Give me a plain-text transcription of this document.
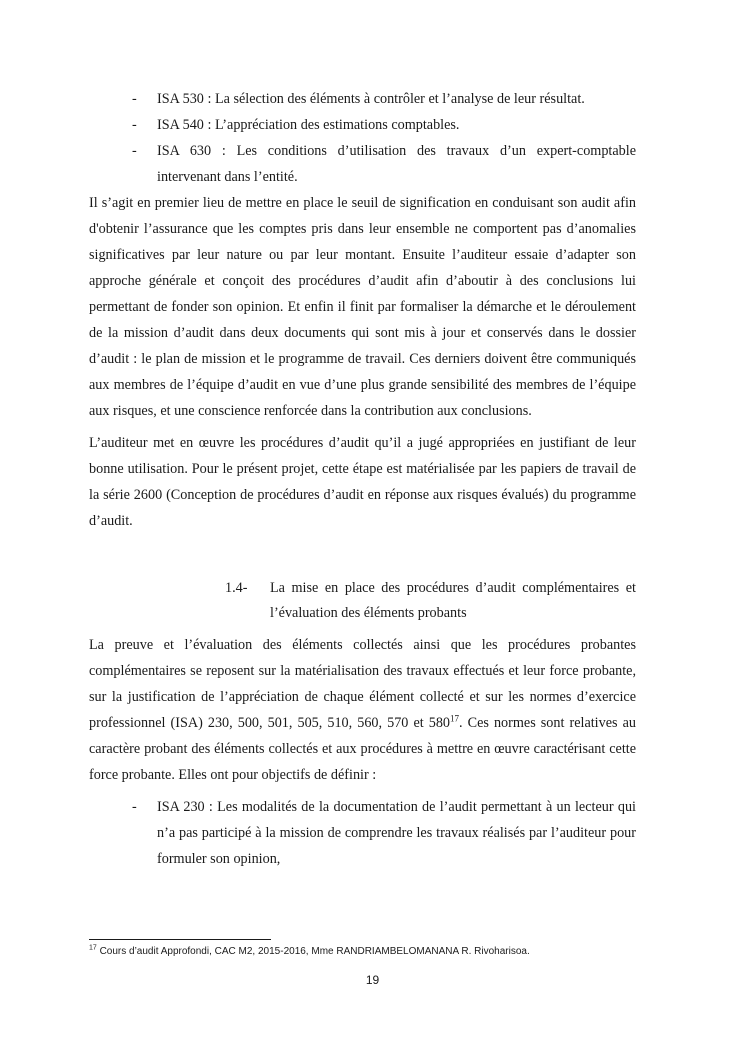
- ISA 530 : La sélection des éléments à contrôler et l’analyse de leur résultat.
- ISA 540 : L’appréciation des estimations comptables.
- ISA 630 : Les conditions d’utilisation des travaux d’un expert-comptable intervenant dans l’entité.

Il s’agit en premier lieu de mettre en place le seuil de signification en conduisant son audit afin d'obtenir l’assurance que les comptes pris dans leur ensemble ne comportent pas d’anomalies significatives par leur nature ou par leur montant. Ensuite l’auditeur essaie d’adapter son approche générale et conçoit des procédures d’audit afin d’aboutir à des conclusions lui permettant de fonder son opinion. Et enfin il finit par formaliser la démarche et le déroulement de la mission d’audit dans deux documents qui sont mis à jour et conservés dans le dossier d’audit : le plan de mission et le programme de travail. Ces derniers doivent être communiqués aux membres de l’équipe d’audit en vue d’une plus grande sensibilité des membres de l’équipe aux risques, et une conscience renforcée dans la contribution aux conclusions.

L’auditeur met en œuvre les procédures d’audit qu’il a jugé appropriées en justifiant de leur bonne utilisation. Pour le présent projet, cette étape est matérialisée par les papiers de travail de la série 2600 (Conception de procédures d’audit en réponse aux risques évalués) du programme d’audit.

1.4- La mise en place des procédures d’audit complémentaires et l’évaluation des éléments probants

La preuve et l’évaluation des éléments collectés ainsi que les procédures probantes complémentaires se reposent sur la matérialisation des travaux effectués et leur force probante, sur la justification de l’appréciation de chaque élément collecté et sur les normes d’exercice professionnel (ISA) 230, 500, 501, 505, 510, 560, 570 et $580^{17}$. Ces normes sont relatives au caractère probant des éléments collectés et aux procédures à mettre en œuvre caractérisant cette force probante. Elles ont pour objectifs de définir :

- ISA 230 : Les modalités de la documentation de l’audit permettant à un lecteur qui n’a pas participé à la mission de comprendre les travaux réalisés par l’auditeur pour formuler son opinion,
$^{17}$ Cours d’audit Approfondi, CAC M2, 2015-2016, Mme RANDRIAMBELOMANANA R. Rivoharisoa.
19
